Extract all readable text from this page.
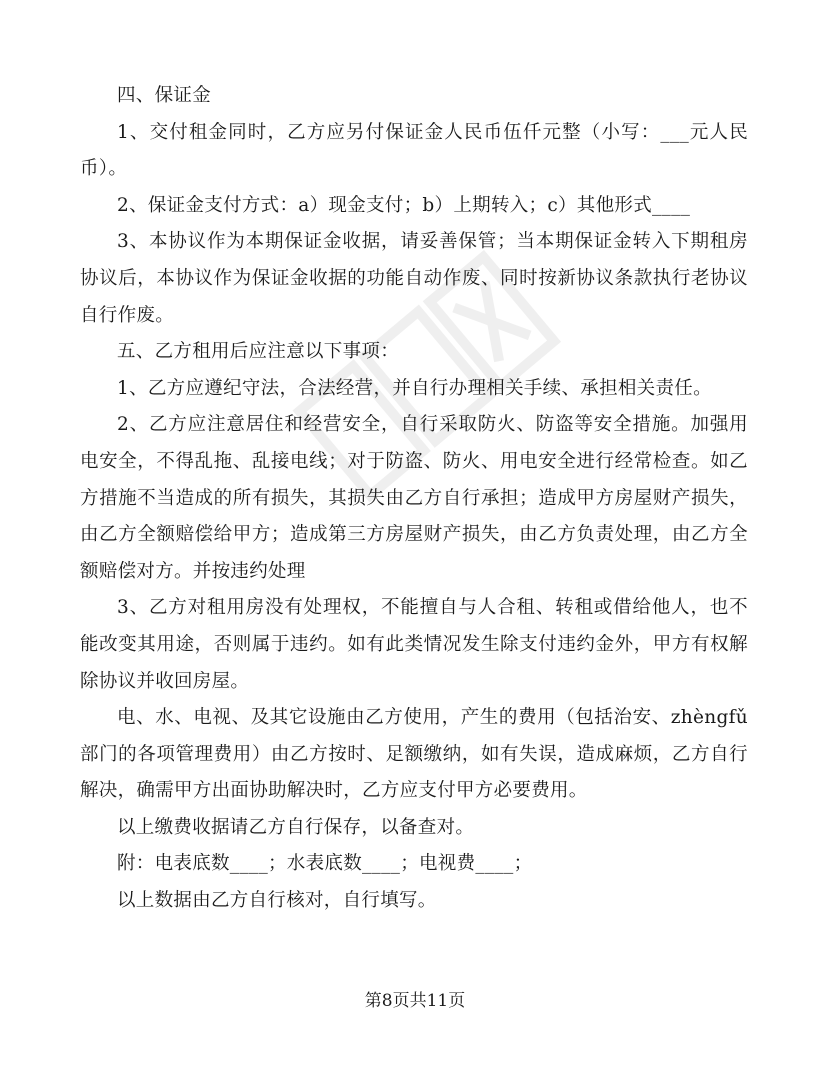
四、保证金

1、交付租金同时，乙方应另付保证金人民币伍仟元整（小写：___元人民币）。

2、保证金支付方式：a）现金支付；b）上期转入；c）其他形式____

3、本协议作为本期保证金收据，请妥善保管；当本期保证金转入下期租房协议后，本协议作为保证金收据的功能自动作废、同时按新协议条款执行老协议自行作废。

五、乙方租用后应注意以下事项：

1、乙方应遵纪守法，合法经营，并自行办理相关手续、承担相关责任。

2、乙方应注意居住和经营安全，自行采取防火、防盗等安全措施。加强用电安全，不得乱拖、乱接电线；对于防盗、防火、用电安全进行经常检查。如乙方措施不当造成的所有损失，其损失由乙方自行承担；造成甲方房屋财产损失，由乙方全额赔偿给甲方；造成第三方房屋财产损失，由乙方负责处理，由乙方全额赔偿对方。并按违约处理

3、乙方对租用房没有处理权，不能擅自与人合租、转租或借给他人，也不能改变其用途，否则属于违约。如有此类情况发生除支付违约金外，甲方有权解除协议并收回房屋。

电、水、电视、及其它设施由乙方使用，产生的费用（包括治安、zhèngfǔ部门的各项管理费用）由乙方按时、足额缴纳，如有失误，造成麻烦，乙方自行解决，确需甲方出面协助解决时，乙方应支付甲方必要费用。

以上缴费收据请乙方自行保存，以备查对。

附：电表底数____；水表底数____；电视费____；

以上数据由乙方自行核对，自行填写。

第8页共11页
